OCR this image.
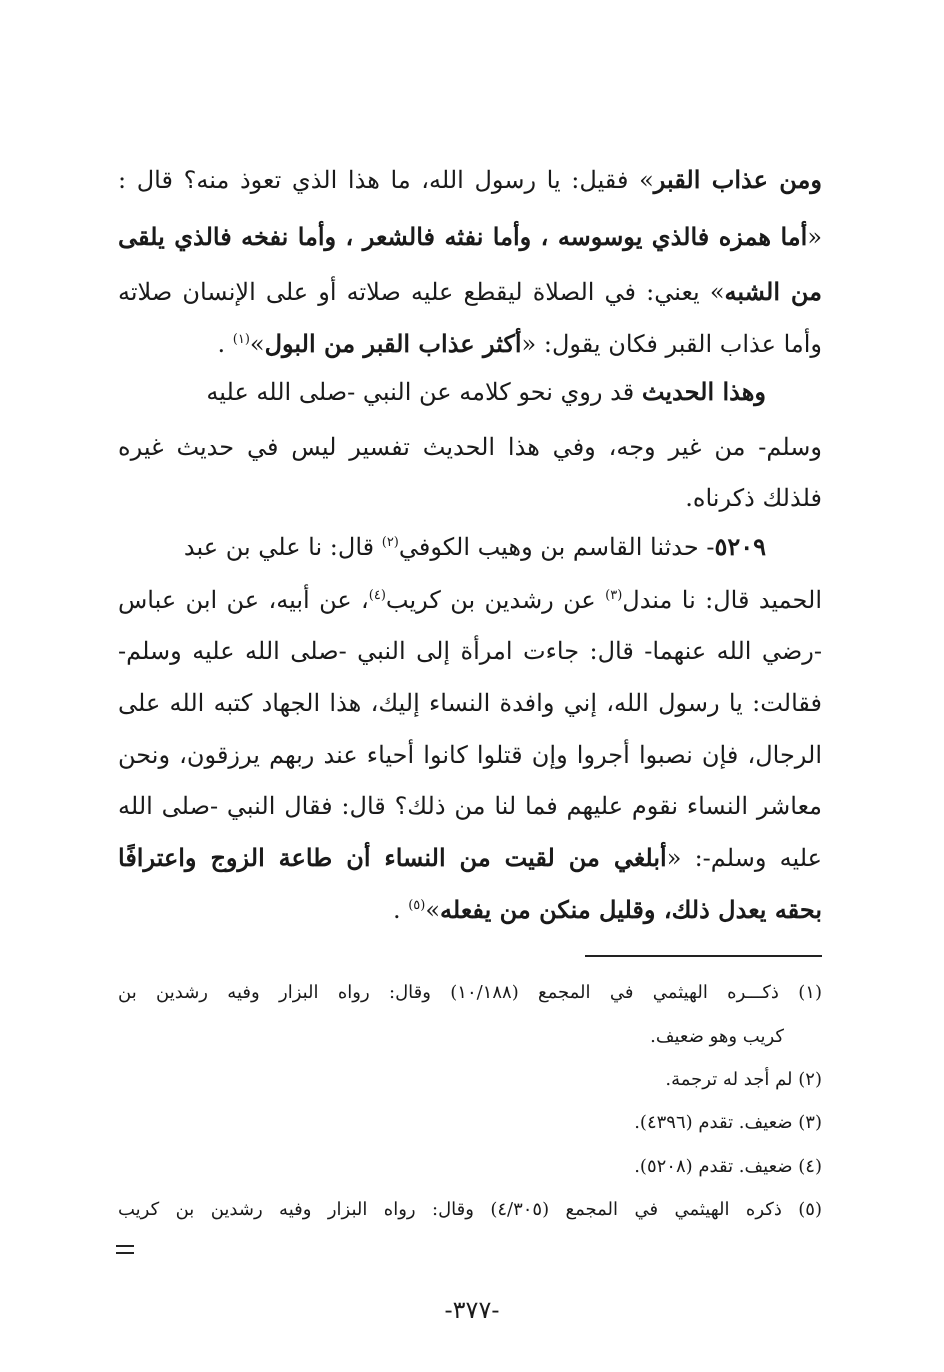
ومن عذاب القبر» فقيل: يا رسول الله، ما هذا الذي تعوذ منه؟ قال :
«أما همزه فالذي يوسوسه ، وأما نفثه فالشعر ، وأما نفخه فالذي يلقى
من الشبه» يعني: في الصلاة ليقطع عليه صلاته أو على الإنسان صلاته
وأما عذاب القبر فكان يقول: «أكثر عذاب القبر من البول»$^{(١)}$ .
وهذا الحديث قد روي نحو كلامه عن النبي -صلى الله عليه
وسلم- من غير وجه، وفي هذا الحديث تفسير ليس في حديث غيره
فلذلك ذكرناه.
٥٢٠٩- حدثنا القاسم بن وهيب الكوفي$^{(٢)}$ قال: نا علي بن عبد
الحميد قال: نا مندل$^{(٣)}$ عن رشدين بن كريب$^{(٤)}$، عن أبيه، عن ابن عباس
-رضي الله عنهما- قال: جاءت امرأة إلى النبي -صلى الله عليه وسلم-
فقالت: يا رسول الله، إني وافدة النساء إليك، هذا الجهاد كتبه الله على
الرجال، فإن نصبوا أجروا وإن قتلوا كانوا أحياء عند ربهم يرزقون، ونحن
معاشر النساء نقوم عليهم فما لنا من ذلك؟ قال: فقال النبي -صلى الله
عليه وسلم-: «أبلغي من لقيت من النساء أن طاعة الزوج واعترافًا
بحقه يعدل ذلك، وقليل منكن من يفعله»$^{(٥)}$ .
(١) ذكـــره الهيثمي في المجمع (١٠/١٨٨) وقال: رواه البزار وفيه رشدين بن
كريب وهو ضعيف.
(٢) لم أجد له ترجمة.
(٣) ضعيف. تقدم (٤٣٩٦).
(٤) ضعيف. تقدم (٥٢٠٨).
(٥) ذكره الهيثمي في المجمع (٤/٣٠٥) وقال: رواه البزار وفيه رشدين بن كريب
-٣٧٧-
